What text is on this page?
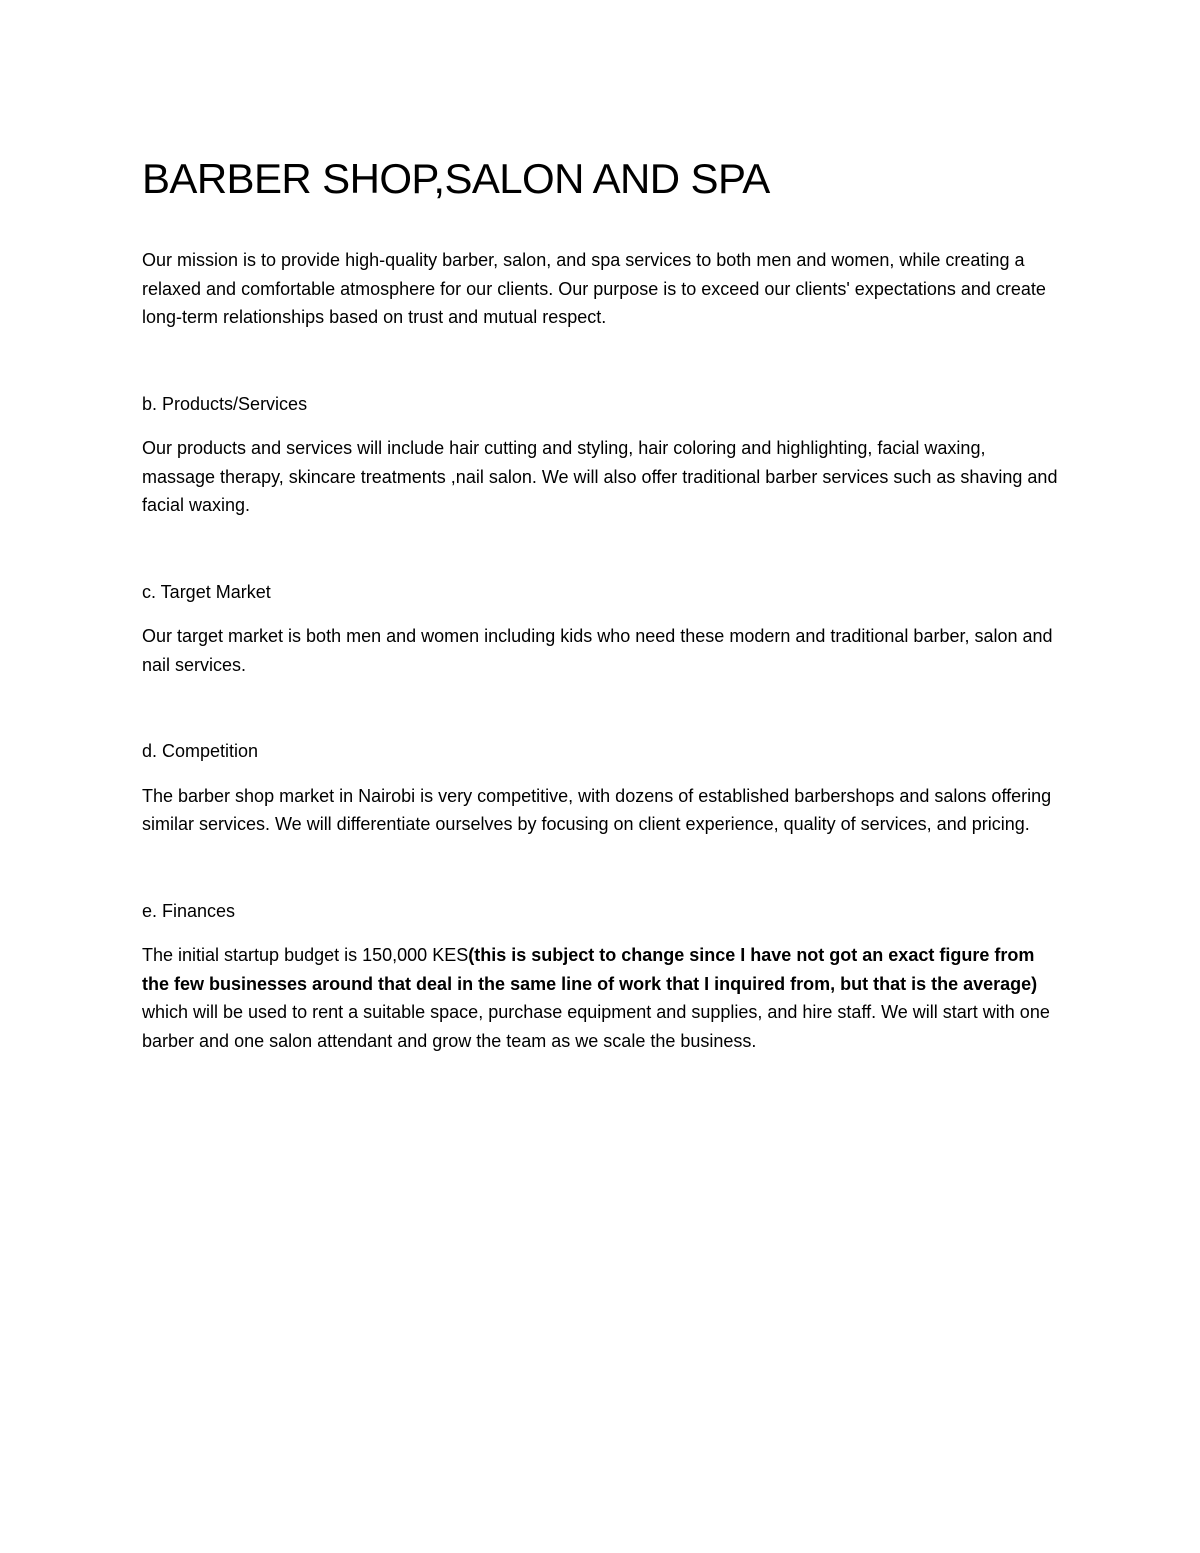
BARBER SHOP,SALON AND SPA

Our mission is to provide high-quality barber, salon, and spa services to both men and women, while creating a relaxed and comfortable atmosphere for our clients. Our purpose is to exceed our clients' expectations and create long-term relationships based on trust and mutual respect.

b. Products/Services

Our products and services will include hair cutting and styling, hair coloring and highlighting, facial waxing, massage therapy, skincare treatments ,nail salon. We will also offer traditional barber services such as shaving and facial waxing.

c. Target Market

Our target market is both men and women including kids who need these modern and traditional barber, salon and nail services.

d. Competition

The barber shop market in Nairobi is very competitive, with dozens of established barbershops and salons offering similar services. We will differentiate ourselves by focusing on client experience, quality of services, and pricing.

e. Finances

The initial startup budget is 150,000 KES(this is subject to change since I have not got an exact figure from the few businesses around that deal in the same line of work that I inquired from, but that is the average) which will be used to rent a suitable space, purchase equipment and supplies, and hire staff. We will start with one barber and one salon attendant and grow the team as we scale the business.
